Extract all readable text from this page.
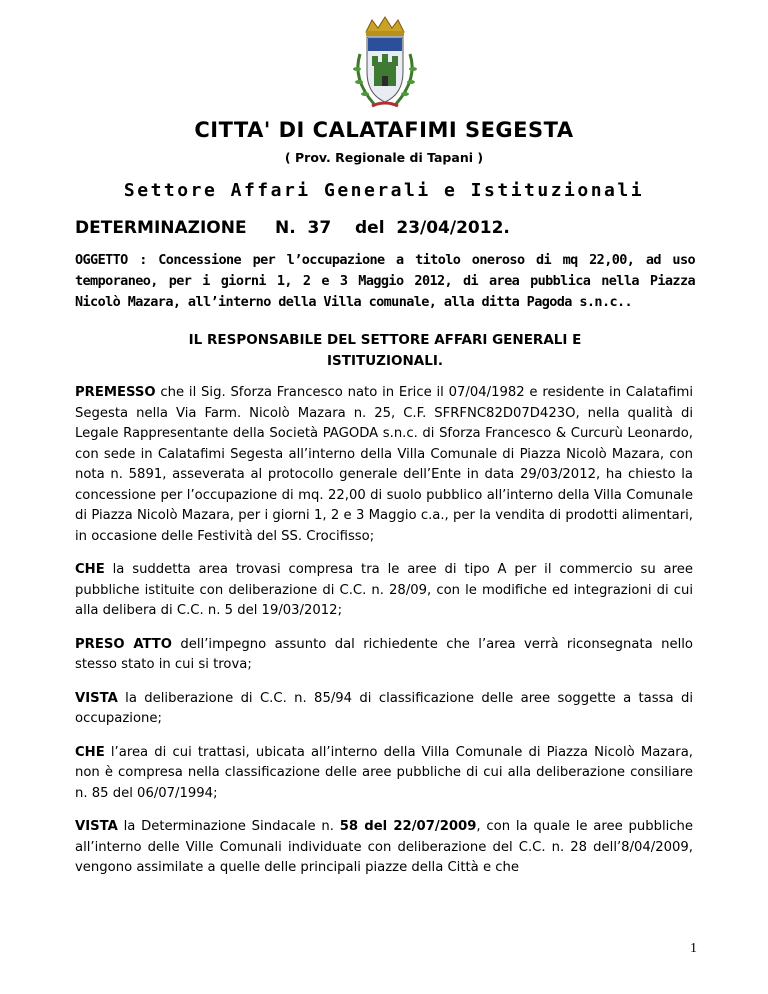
CITTA' DI CALATAFIMI SEGESTA
( Prov. Regionale di Tapani )
Settore Affari Generali e Istituzionali
DETERMINAZIONE N.  37 del  23/04/2012.
OGGETTO : Concessione per l’occupazione a titolo oneroso di mq 22,00, ad uso temporaneo, per i giorni 1, 2 e 3 Maggio 2012, di area pubblica nella Piazza Nicolò Mazara, all’interno della Villa comunale, alla ditta Pagoda s.n.c..
IL RESPONSABILE DEL SETTORE AFFARI GENERALI E
ISTITUZIONALI.

PREMESSO che il Sig. Sforza Francesco nato in Erice il 07/04/1982 e residente in Calatafimi Segesta nella Via Farm. Nicolò Mazara n. 25, C.F. SFRFNC82D07D423O, nella qualità di Legale Rappresentante della Società PAGODA s.n.c. di Sforza Francesco & Curcurù Leonardo, con sede in Calatafimi Segesta all’interno della Villa Comunale di Piazza Nicolò Mazara, con nota n. 5891, asseverata al protocollo generale dell’Ente in data 29/03/2012, ha chiesto la concessione per l’occupazione di mq. 22,00 di suolo pubblico all’interno della Villa Comunale di Piazza Nicolò Mazara, per i giorni 1, 2 e 3 Maggio c.a., per la vendita di prodotti alimentari, in occasione delle Festività del SS. Crocifisso;

CHE la suddetta area trovasi compresa tra le aree di tipo A per il commercio su aree pubbliche istituite con deliberazione di C.C. n. 28/09, con le modifiche ed integrazioni di cui alla delibera di C.C. n. 5 del 19/03/2012;

PRESO ATTO dell’impegno assunto dal richiedente che l’area verrà riconsegnata nello stesso stato in cui si trova;

VISTA la deliberazione di C.C. n. 85/94 di classificazione delle aree soggette a tassa di occupazione;

CHE l’area di cui trattasi, ubicata all’interno della Villa Comunale di Piazza Nicolò Mazara, non è compresa nella classificazione delle aree pubbliche di cui alla deliberazione consiliare n. 85 del 06/07/1994;

VISTA la Determinazione Sindacale n. 58 del 22/07/2009, con la quale le aree pubbliche all’interno delle Ville Comunali individuate con deliberazione del C.C. n. 28 dell’8/04/2009, vengono assimilate a quelle delle principali piazze della Città e che

1
